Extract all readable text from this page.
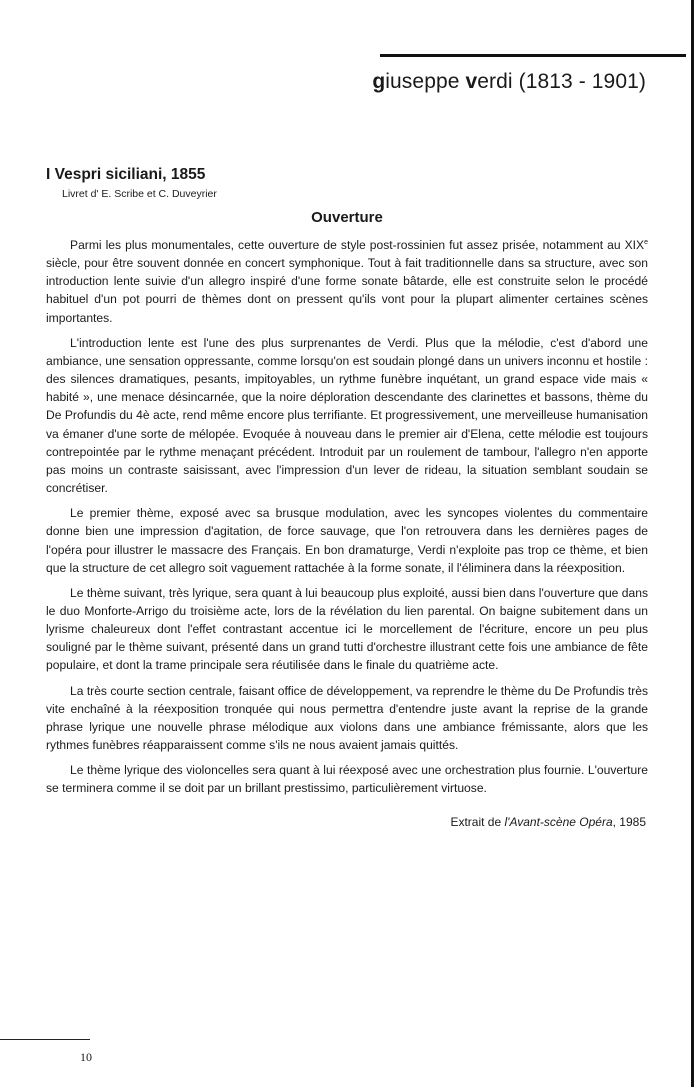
giuseppe verdi (1813 - 1901)
I Vespri siciliani, 1855

Livret d' E. Scribe et C. Duveyrier

Ouverture

Parmi les plus monumentales, cette ouverture de style post-rossinien fut assez prisée, notamment au XIXe siècle, pour être souvent donnée en concert symphonique. Tout à fait traditionnelle dans sa structure, avec son introduction lente suivie d'un allegro inspiré d'une forme sonate bâtarde, elle est construite selon le procédé habituel d'un pot pourri de thèmes dont on pressent qu'ils vont pour la plupart alimenter certaines scènes importantes.

L'introduction lente est l'une des plus surprenantes de Verdi. Plus que la mélodie, c'est d'abord une ambiance, une sensation oppressante, comme lorsqu'on est soudain plongé dans un univers inconnu et hostile : des silences dramatiques, pesants, impitoyables, un rythme funèbre inquétant, un grand espace vide mais « habité », une menace désincarnée, que la noire déploration descendante des clarinettes et bassons, thème du De Profundis du 4è acte, rend même encore plus terrifiante. Et progressivement, une merveilleuse humanisation va émaner d'une sorte de mélopée. Evoquée à nouveau dans le premier air d'Elena, cette mélodie est toujours contrepointée par le rythme menaçant précédent. Introduit par un roulement de tambour, l'allegro n'en apporte pas moins un contraste saisissant, avec l'impression d'un lever de rideau, la situation semblant soudain se concrétiser.

Le premier thème, exposé avec sa brusque modulation, avec les syncopes violentes du commentaire donne bien une impression d'agitation, de force sauvage, que l'on retrouvera dans les dernières pages de l'opéra pour illustrer le massacre des Français. En bon dramaturge, Verdi n'exploite pas trop ce thème, et bien que la structure de cet allegro soit vaguement rattachée à la forme sonate, il l'éliminera dans la réexposition.

Le thème suivant, très lyrique, sera quant à lui beaucoup plus exploité, aussi bien dans l'ouverture que dans le duo Monforte-Arrigo du troisième acte, lors de la révélation du lien parental. On baigne subitement dans un lyrisme chaleureux dont l'effet contrastant accentue ici le morcellement de l'écriture, encore un peu plus souligné par le thème suivant, présenté dans un grand tutti d'orchestre illustrant cette fois une ambiance de fête populaire, et dont la trame principale sera réutilisée dans le finale du quatrième acte.

La très courte section centrale, faisant office de développement, va reprendre le thème du De Profundis très vite enchaîné à la réexposition tronquée qui nous permettra d'entendre juste avant la reprise de la grande phrase lyrique une nouvelle phrase mélodique aux violons dans une ambiance frémissante, alors que les rythmes funèbres réapparaissent comme s'ils ne nous avaient jamais quittés.

Le thème lyrique des violoncelles sera quant à lui réexposé avec une orchestration plus fournie. L'ouverture se terminera comme il se doit par un brillant prestissimo, particulièrement virtuose.

Extrait de l'Avant-scène Opéra, 1985

10
